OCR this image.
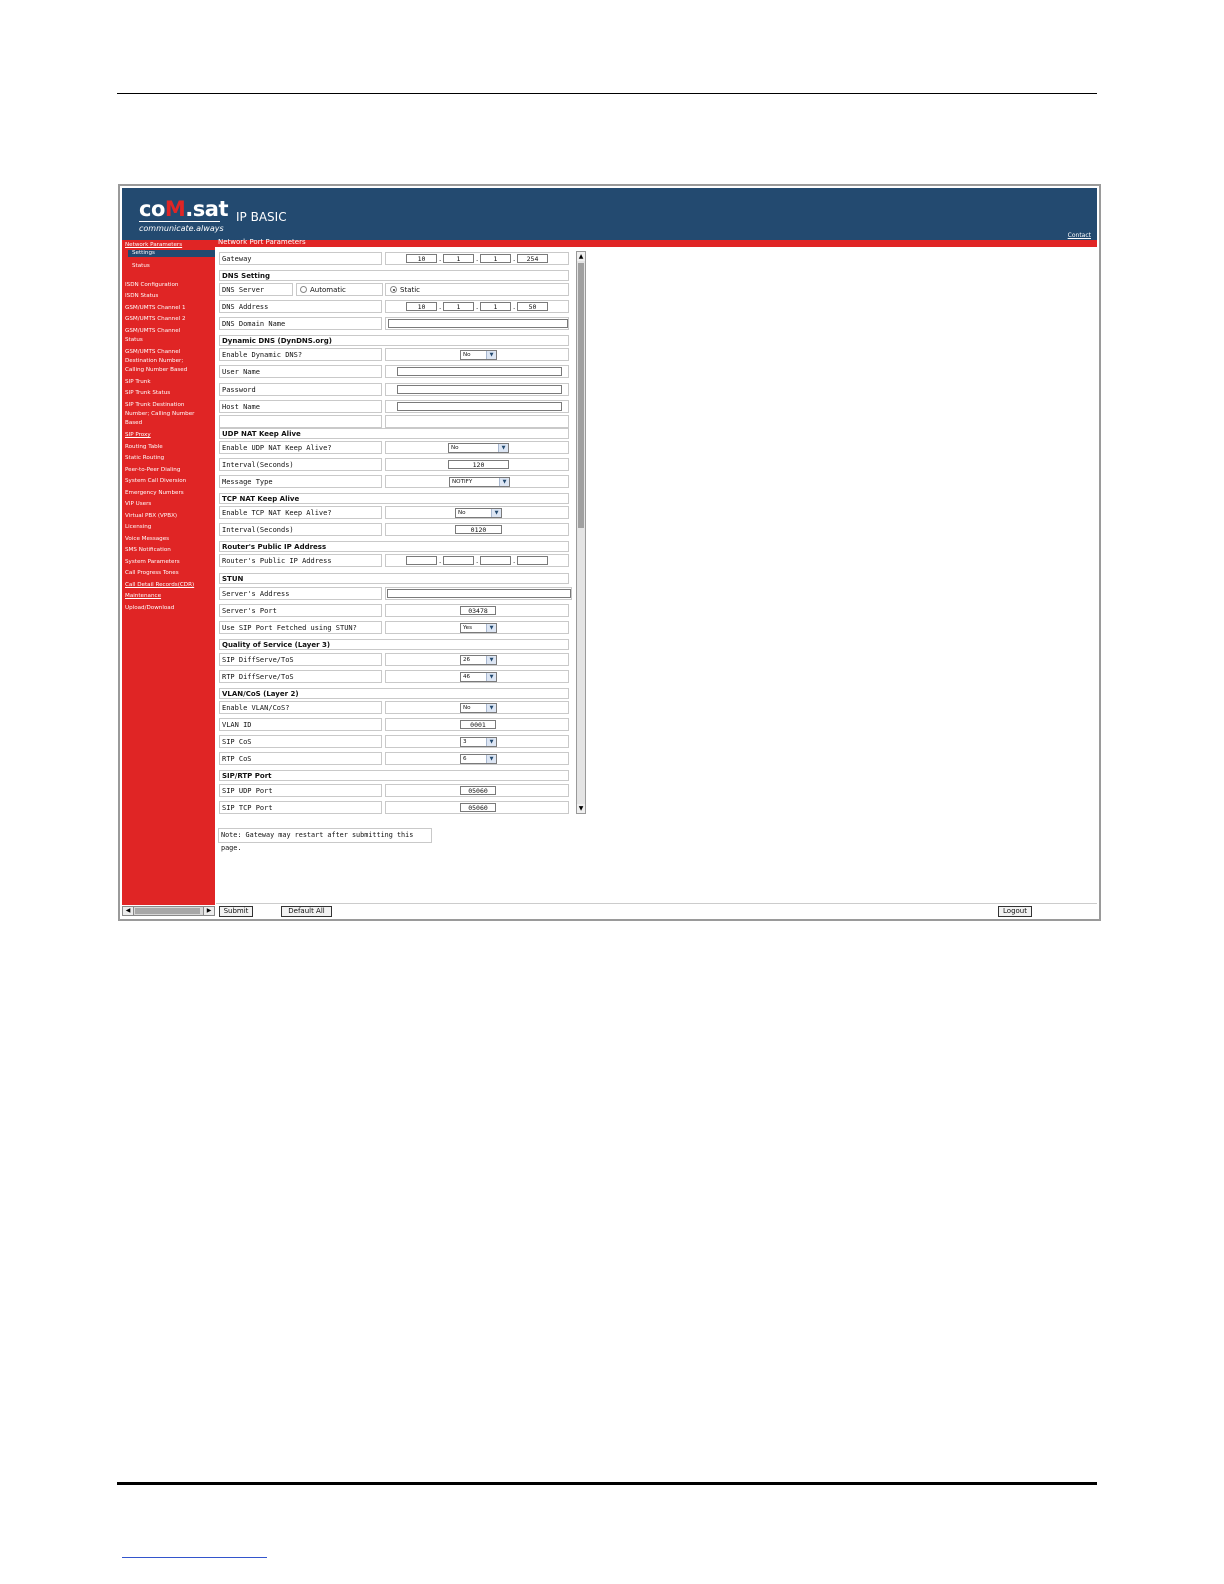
coM.sat
communicate.always
IP BASIC
Contact
Network Parameters
Settings
Status
ISDN Configuration
ISDN Status
GSM/UMTS Channel 1
GSM/UMTS Channel 2
GSM/UMTS Channel
Status
GSM/UMTS Channel
Destination Number;
Calling Number Based
SIP Trunk
SIP Trunk Status
SIP Trunk Destination
Number; Calling Number
Based
SIP Proxy
Routing Table
Static Routing
Peer-to-Peer Dialing
System Call Diversion
Emergency Numbers
VIP Users
Virtual PBX (VPBX)
Licensing
Voice Messages
SMS Notification
System Parameters
Call Progress Tones
Call Detail Records(CDR)
Maintenance
Upload/Download
Network Port Parameters
◀	▶
Gateway	10	.	1	.	1	.	254
DNS Setting
DNS Server	Automatic	Static
DNS Address	10	.	1	.	1	.	50
DNS Domain Name
Dynamic DNS (DynDNS.org)
Enable Dynamic DNS?	No	▼
User Name
Password
Host Name
UDP NAT Keep Alive
Enable UDP NAT Keep Alive?	No	▼
Interval(Seconds)	120
Message Type	NOTIFY	▼
TCP NAT Keep Alive
Enable TCP NAT Keep Alive?	No	▼
Interval(Seconds)	0120
Router's Public IP Address
Router's Public IP Address	.	.	.
STUN
Server's Address
Server's Port	03478
Use SIP Port Fetched using STUN?	Yes	▼
Quality of Service (Layer 3)
SIP DiffServe/ToS	26	▼
RTP DiffServe/ToS	46	▼
VLAN/CoS (Layer 2)
Enable VLAN/CoS?	No	▼
VLAN ID	0001
SIP CoS	3	▼
RTP CoS	6	▼
SIP/RTP Port
SIP UDP Port	05060
SIP TCP Port	05060
▲
▼
Note: Gateway may restart after submitting this page.
Submit	Default All	Logout
